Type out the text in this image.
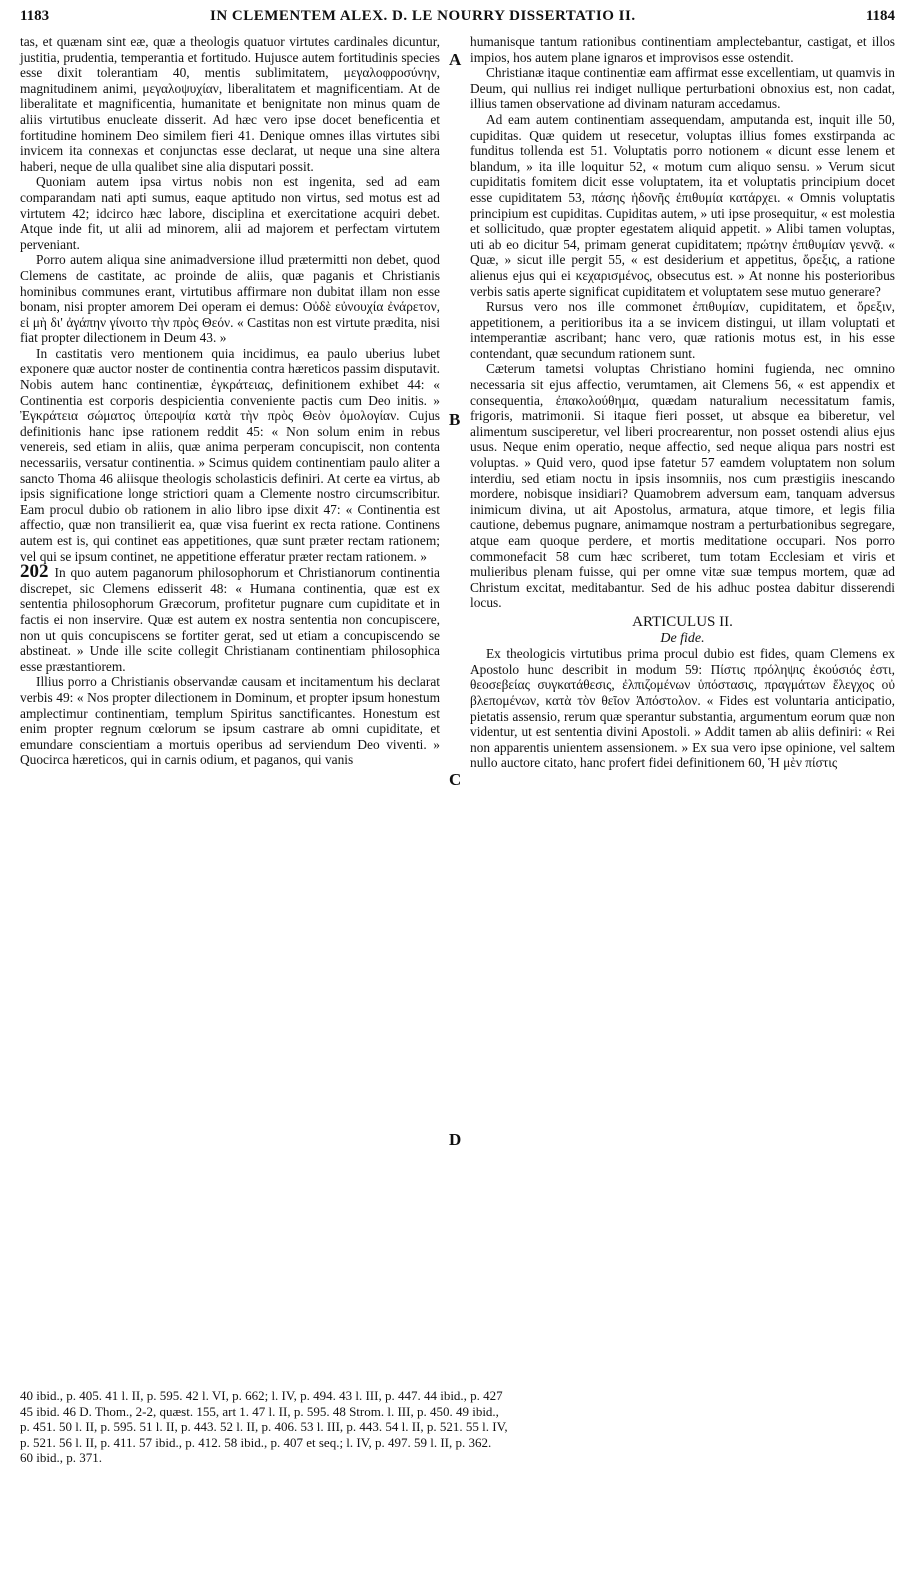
1183	IN CLEMENTEM ALEX. D. LE NOURRY DISSERTATIO II.	1184
A
B
C
D

tas, et quænam sint eæ, quæ a theologis quatuor virtutes cardinales dicuntur, justitia, prudentia, temperantia et fortitudo. Hujusce autem fortitudinis species esse dixit tolerantiam 40, mentis sublimitatem, μεγαλοφροσύνην, magnitudinem animi, μεγαλοψυχίαν, liberalitatem et magnificentiam. At de liberalitate et magnificentia, humanitate et benignitate non minus quam de aliis virtutibus enucleate disserit. Ad hæc vero ipse docet beneficentia et fortitudine hominem Deo similem fieri 41. Denique omnes illas virtutes sibi invicem ita connexas et conjunctas esse declarat, ut neque una sine altera haberi, neque de ulla qualibet sine alia disputari possit.

Quoniam autem ipsa virtus nobis non est ingenita, sed ad eam comparandam nati apti sumus, eaque aptitudo non virtus, sed motus est ad virtutem 42; idcirco hæc labore, disciplina et exercitatione acquiri debet. Atque inde fit, ut alii ad minorem, alii ad majorem et perfectam virtutem perveniant.

Porro autem aliqua sine animadversione illud prætermitti non debet, quod Clemens de castitate, ac proinde de aliis, quæ paganis et Christianis hominibus communes erant, virtutibus affirmare non dubitat illam non esse bonam, nisi propter amorem Dei operam ei demus: Οὐδὲ εὐνουχία ἐνάρετον, εἰ μὴ δι' ἀγάπην γίνοιτο τὴν πρὸς Θεόν. « Castitas non est virtute prædita, nisi fiat propter dilectionem in Deum 43. »

In castitatis vero mentionem quia incidimus, ea paulo uberius lubet exponere quæ auctor noster de continentia contra hæreticos passim disputavit. Nobis autem hanc continentiæ, ἐγκράτειας, definitionem exhibet 44: « Continentia est corporis despicientia conveniente pactis cum Deo initis. » Ἐγκράτεια σώματος ὑπεροψία κατὰ τὴν πρὸς Θεὸν ὁμολογίαν. Cujus definitionis hanc ipse rationem reddit 45: « Non solum enim in rebus venereis, sed etiam in aliis, quæ anima perperam concupiscit, non contenta necessariis, versatur continentia. » Scimus quidem continentiam paulo aliter a sancto Thoma 46 aliisque theologis scholasticis definiri. At certe ea virtus, ab ipsis significatione longe strictiori quam a Clemente nostro circumscribitur. Eam procul dubio ob rationem in alio libro ipse dixit 47: « Continentia est affectio, quæ non transilierit ea, quæ visa fuerint ex recta ratione. Continens autem est is, qui continet eas appetitiones, quæ sunt præter rectam rationem; vel qui se ipsum continet, ne appetitione efferatur præter rectam rationem. »

202 In quo autem paganorum philosophorum et Christianorum continentia discrepet, sic Clemens edisserit 48: « Humana continentia, quæ est ex sententia philosophorum Græcorum, profitetur pugnare cum cupiditate et in factis ei non inservire. Quæ est autem ex nostra sententia non concupiscere, non ut quis concupiscens se fortiter gerat, sed ut etiam a concupiscendo se abstineat. » Unde ille scite collegit Christianam continentiam philosophica esse præstantiorem.

Illius porro a Christianis observandæ causam et incitamentum his declarat verbis 49: « Nos propter dilectionem in Dominum, et propter ipsum honestum amplectimur continentiam, templum Spiritus sanctificantes. Honestum est enim propter regnum cœlorum se ipsum castrare ab omni cupiditate, et emundare conscientiam a mortuis operibus ad serviendum Deo viventi. » Quocirca hæreticos, qui in carnis odium, et paganos, qui vanis

humanisque tantum rationibus continentiam amplectebantur, castigat, et illos impios, hos autem plane ignaros et improvisos esse ostendit.

Christianæ itaque continentiæ eam affirmat esse excellentiam, ut quamvis in Deum, qui nullius rei indiget nullique perturbationi obnoxius est, non cadat, illius tamen observatione ad divinam naturam accedamus.

Ad eam autem continentiam assequendam, amputanda est, inquit ille 50, cupiditas. Quæ quidem ut resecetur, voluptas illius fomes exstirpanda ac funditus tollenda est 51. Voluptatis porro notionem « dicunt esse lenem et blandum, » ita ille loquitur 52, « motum cum aliquo sensu. » Verum sicut cupiditatis fomitem dicit esse voluptatem, ita et voluptatis principium docet esse cupiditatem 53, πάσης ἡδονῆς ἐπιθυμία κατάρχει. « Omnis voluptatis principium est cupiditas. Cupiditas autem, » uti ipse prosequitur, « est molestia et sollicitudo, quæ propter egestatem aliquid appetit. » Alibi tamen voluptas, uti ab eo dicitur 54, primam generat cupiditatem; πρώτην ἐπιθυμίαν γεννᾷ. « Quæ, » sicut ille pergit 55, « est desiderium et appetitus, ὄρεξις, a ratione alienus ejus qui ei κεχαρισμένος, obsecutus est. » At nonne his posterioribus verbis satis aperte significat cupiditatem et voluptatem sese mutuo generare?

Rursus vero nos ille commonet ἐπιθυμίαν, cupiditatem, et ὄρεξιν, appetitionem, a peritioribus ita a se invicem distingui, ut illam voluptati et intemperantiæ ascribant; hanc vero, quæ rationis motus est, in his esse contendant, quæ secundum rationem sunt.

Cæterum tametsi voluptas Christiano homini fugienda, nec omnino necessaria sit ejus affectio, verumtamen, ait Clemens 56, « est appendix et consequentia, ἐπακολούθημα, quædam naturalium necessitatum famis, frigoris, matrimonii. Si itaque fieri posset, ut absque ea biberetur, vel alimentum susciperetur, vel liberi procrearentur, non posset ostendi alius ejus usus. Neque enim operatio, neque affectio, sed neque aliqua pars nostri est voluptas. » Quid vero, quod ipse fatetur 57 eamdem voluptatem non solum interdiu, sed etiam noctu in ipsis insomniis, nos cum præstigiis inescando mordere, nobisque insidiari? Quamobrem adversum eam, tanquam adversus inimicum divina, ut ait Apostolus, armatura, atque timore, et legis filia cautione, debemus pugnare, animamque nostram a perturbationibus segregare, atque eam quoque perdere, et mortis meditatione occupari. Nos porro commonefacit 58 cum hæc scriberet, tum totam Ecclesiam et viris et mulieribus plenam fuisse, qui per omne vitæ suæ tempus mortem, quæ ad Christum excitat, meditabantur. Sed de his adhuc postea dabitur disserendi locus.

ARTICULUS II.

De fide.

Ex theologicis virtutibus prima procul dubio est fides, quam Clemens ex Apostolo hunc describit in modum 59: Πίστις πρόληψις ἑκούσιός ἐστι, θεοσεβείας συγκατάθεσις, ἐλπιζομένων ὑπόστασις, πραγμάτων ἔλεγχος οὐ βλεπομένων, κατὰ τὸν θεῖον Ἀπόστολον. « Fides est voluntaria anticipatio, pietatis assensio, rerum quæ sperantur substantia, argumentum eorum quæ non videntur, ut est sententia divini Apostoli. » Addit tamen ab aliis definiri: « Rei non apparentis unientem assensionem. » Ex sua vero ipse opinione, vel saltem nullo auctore citato, hanc profert fidei definitionem 60, Ἡ μὲν πίστις

40 ibid., p. 405. 41 l. II, p. 595. 42 l. VI, p. 662; l. IV, p. 494. 43 l. III, p. 447. 44 ibid., p. 427
45 ibid. 46 D. Thom., 2-2, quæst. 155, art 1. 47 l. II, p. 595. 48 Strom. l. III, p. 450. 49 ibid.,
p. 451. 50 l. II, p. 595. 51 l. II, p. 443. 52 l. II, p. 406. 53 l. III, p. 443. 54 l. II, p. 521. 55 l. IV,
p. 521. 56 l. II, p. 411. 57 ibid., p. 412. 58 ibid., p. 407 et seq.; l. IV, p. 497. 59 l. II, p. 362.
60 ibid., p. 371.
